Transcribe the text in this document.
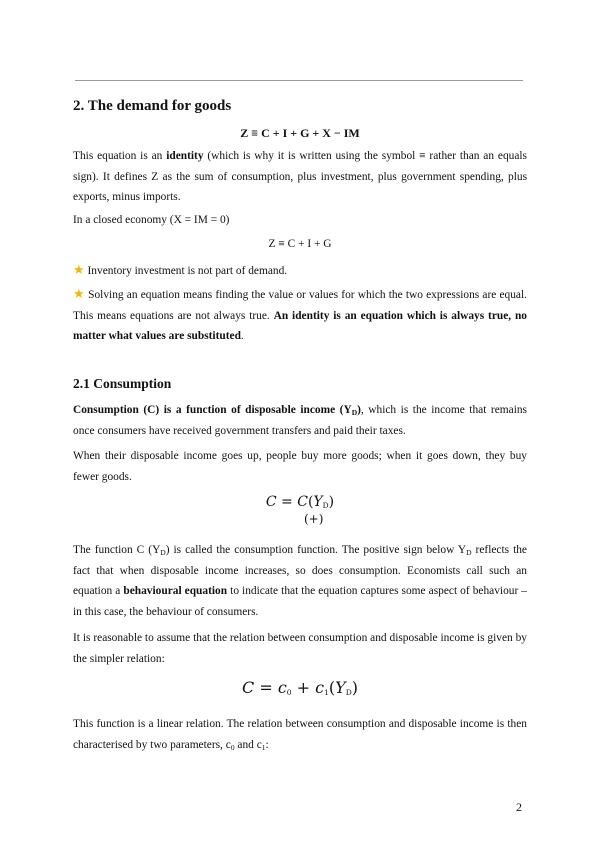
2. The demand for goods
Z ≡ C + I + G + X − IM
This equation is an identity (which is why it is written using the symbol ≡ rather than an equals sign). It defines Z as the sum of consumption, plus investment, plus government spending, plus exports, minus imports.
In a closed economy (X = IM = 0)
Z ≡ C + I + G
★ Inventory investment is not part of demand.
★ Solving an equation means finding the value or values for which the two expressions are equal. This means equations are not always true. An identity is an equation which is always true, no matter what values are substituted.
2.1 Consumption
Consumption (C) is a function of disposable income $(Y_D)$, which is the income that remains once consumers have received government transfers and paid their taxes.
When their disposable income goes up, people buy more goods; when it goes down, they buy fewer goods.
$C = C(Y_D)$
(+)
The function C $(Y_D)$ is called the consumption function. The positive sign below $Y_D$ reflects the fact that when disposable income increases, so does consumption. Economists call such an equation a behavioural equation to indicate that the equation captures some aspect of behaviour – in this case, the behaviour of consumers.
It is reasonable to assume that the relation between consumption and disposable income is given by the simpler relation:
$C = c_0 + c_1(Y_D)$
This function is a linear relation. The relation between consumption and disposable income is then characterised by two parameters, $c_0$ and $c_1$:
2
